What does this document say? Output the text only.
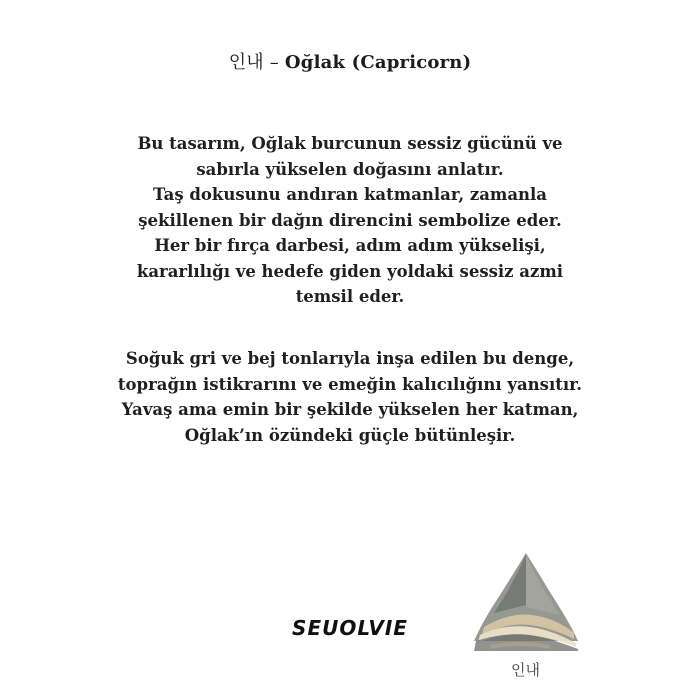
인내 – Oğlak (Capricorn)
Bu tasarım, Oğlak burcunun sessiz gücünü ve
sabırla yükselen doğasını anlatır.
Taş dokusunu andıran katmanlar, zamanla
şekillenen bir dağın direncini sembolize eder.
Her bir fırça darbesi, adım adım yükselişi,
kararlılığı ve hedefe giden yoldaki sessiz azmi
temsil eder.
Soğuk gri ve bej tonlarıyla inşa edilen bu denge,
toprağın istikrarını ve emeğin kalıcılığını yansıtır.
Yavaş ama emin bir şekilde yükselen her katman,
Oğlak’ın özündeki güçle bütünleşir.
SEUOLVIE
인내
